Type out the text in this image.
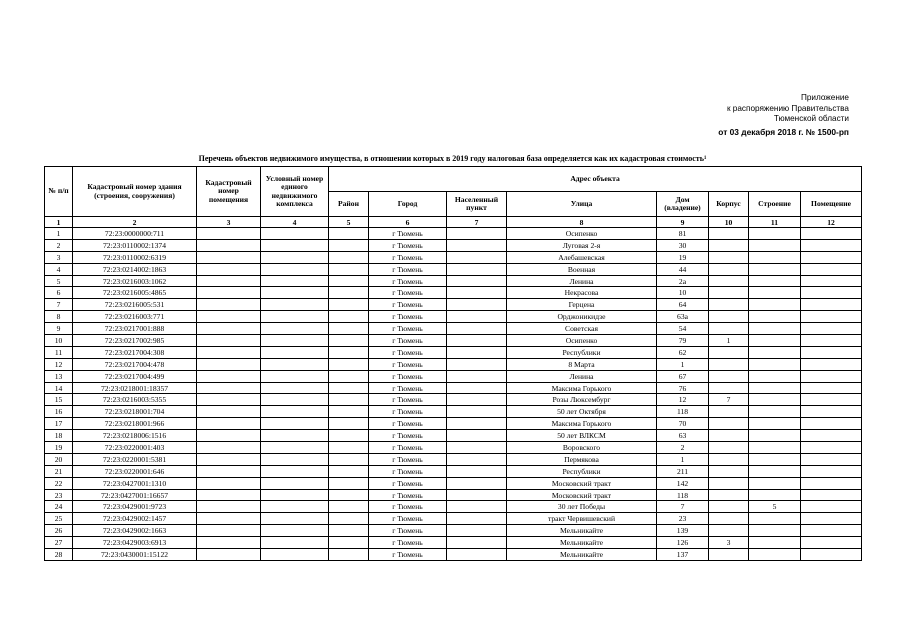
Приложение
к распоряжению Правительства
Тюменской области
от 03 декабря 2018 г. № 1500-рп
Перечень объектов недвижимого имущества, в отношении которых в 2019 году налоговая база определяется как их кадастровая стоимость¹
№ п/п	Кадастровый номер здания (строения, сооружения)	Кадастровый номер помещения	Условный номер единого недвижимого комплекса	Адрес объекта							
				Район	Город	Населенный пункт	Улица	Дом (владение)	Корпус	Строение	Помещение
1	2	3	4	5	6	7	8	9	10	11	12
1	72:23:0000000:711				г Тюмень		Осипенко	81			
2	72:23:0110002:1374				г Тюмень		Луговая 2-я	30			
3	72:23:0110002:6319				г Тюмень		Алебашевская	19			
4	72:23:0214002:1863				г Тюмень		Военная	44			
5	72:23:0216003:1062				г Тюмень		Ленина	2а			
6	72:23:0216005:4865				г Тюмень		Некрасова	10			
7	72:23:0216005:531				г Тюмень		Герцена	64			
8	72:23:0216003:771				г Тюмень		Орджоникидзе	63а			
9	72:23:0217001:888				г Тюмень		Советская	54			
10	72:23:0217002:985				г Тюмень		Осипенко	79	1		
11	72:23:0217004:308				г Тюмень		Республики	62			
12	72:23:0217004:478				г Тюмень		8 Марта	1			
13	72:23:0217004:499				г Тюмень		Ленина	67			
14	72:23:0218001:18357				г Тюмень		Максима Горького	76			
15	72:23:0216003:5355				г Тюмень		Розы Люксембург	12	7		
16	72:23:0218001:704				г Тюмень		50 лет Октября	118			
17	72:23:0218001:966				г Тюмень		Максима Горького	70			
18	72:23:0218006:1516				г Тюмень		50 лет ВЛКСМ	63			
19	72:23:0220001:403				г Тюмень		Ворoвского	2			
20	72:23:0220001:5381				г Тюмень		Пермякова	1			
21	72:23:0220001:646				г Тюмень		Республики	211			
22	72:23:0427001:1310				г Тюмень		Московский тракт	142			
23	72:23:0427001:16657				г Тюмень		Московский тракт	118			
24	72:23:0429001:9723				г Тюмень		30 лет Победы	7		5	
25	72:23:0429002:1457				г Тюмень		тракт Червишевский	23			
26	72:23:0429002:1663				г Тюмень		Мельникайте	139			
27	72:23:0429003:6913				г Тюмень		Мельникайте	126	3		
28	72:23:0430001:15122				г Тюмень		Мельникайте	137			
